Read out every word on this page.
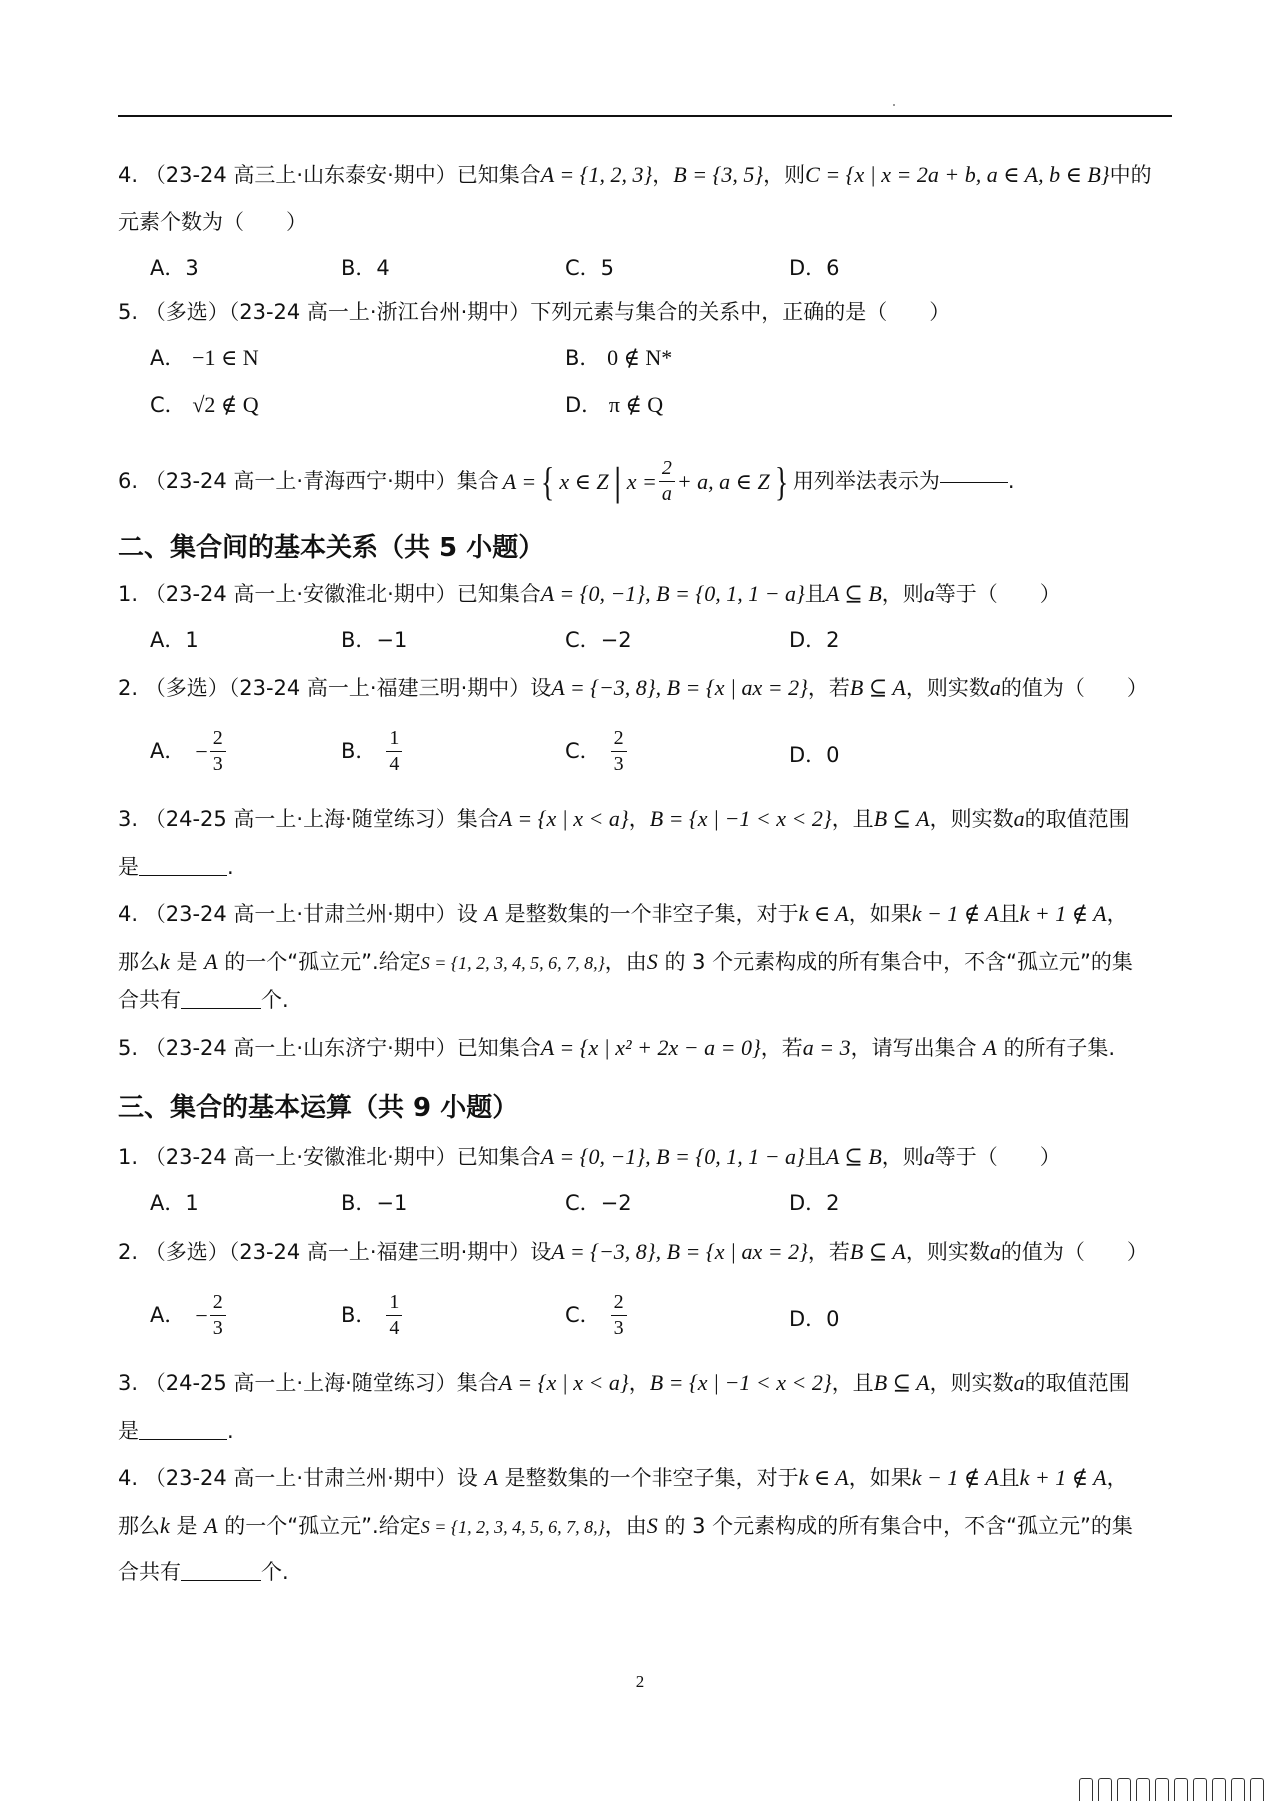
4. （23-24 高三上·山东泰安·期中）已知集合A = {1, 2, 3}，B = {3, 5}，则C = {x | x = 2a + b, a ∈ A, b ∈ B}中的
元素个数为（　　）
A．3	B．4	C．5	D．6
5. （多选）（23-24 高一上·浙江台州·期中）下列元素与集合的关系中，正确的是（　　）
A． −1 ∈ N	B． 0 ∉ N*
C． √2 ∉ Q	D． π ∉ Q
6.
（23-24 高一上·青海西宁·期中） 集合 A = { x ∈ Z | $x = \frac{2}{a} + a$, a ∈ Z } 用列举法表示为	.
二、集合间的基本关系（共 5 小题）
1. （23-24 高一上·安徽淮北·期中）已知集合A = {0, −1}, B = {0, 1, 1 − a}且A ⊆ B，则a等于（　　）
A．1	B．−1	C．−2	D．2
2. （多选）（23-24 高一上·福建三明·期中）设A = {−3, 8}, B = {x | ax = 2}，若B ⊆ A，则实数a的值为（　　）
A． − $\frac{2}{3}$	B． $\frac{1}{4}$	C． $\frac{2}{3}$	D．0
3. （24-25 高一上·上海·随堂练习）集合A = {x | x < a}，B = {x | −1 < x < 2}，且B ⊆ A，则实数a的取值范围
是	.
4. （23-24 高一上·甘肃兰州·期中）设 A 是整数集的一个非空子集，对于k ∈ A，如果k − 1 ∉ A且k + 1 ∉ A，
那么k 是 A 的一个“孤立元”.给定S = {1, 2, 3, 4, 5, 6, 7, 8,}，由S 的 3 个元素构成的所有集合中，不含“孤立元”的集
合共有	个.
5. （23-24 高一上·山东济宁·期中）已知集合A = {x | x² + 2x − a = 0}，若a = 3，请写出集合 A 的所有子集.
三、集合的基本运算（共 9 小题）
1. （23-24 高一上·安徽淮北·期中）已知集合A = {0, −1}, B = {0, 1, 1 − a}且A ⊆ B，则a等于（　　）
A．1	B．−1	C．−2	D．2
2. （多选）（23-24 高一上·福建三明·期中）设A = {−3, 8}, B = {x | ax = 2}，若B ⊆ A，则实数a的值为（　　）
A． − $\frac{2}{3}$	B． $\frac{1}{4}$	C． $\frac{2}{3}$	D．0
3. （24-25 高一上·上海·随堂练习）集合A = {x | x < a}，B = {x | −1 < x < 2}，且B ⊆ A，则实数a的取值范围
是	.
4. （23-24 高一上·甘肃兰州·期中）设 A 是整数集的一个非空子集，对于k ∈ A，如果k − 1 ∉ A且k + 1 ∉ A，
那么k 是 A 的一个“孤立元”.给定S = {1, 2, 3, 4, 5, 6, 7, 8,}，由S 的 3 个元素构成的所有集合中，不含“孤立元”的集
合共有	个.
2
